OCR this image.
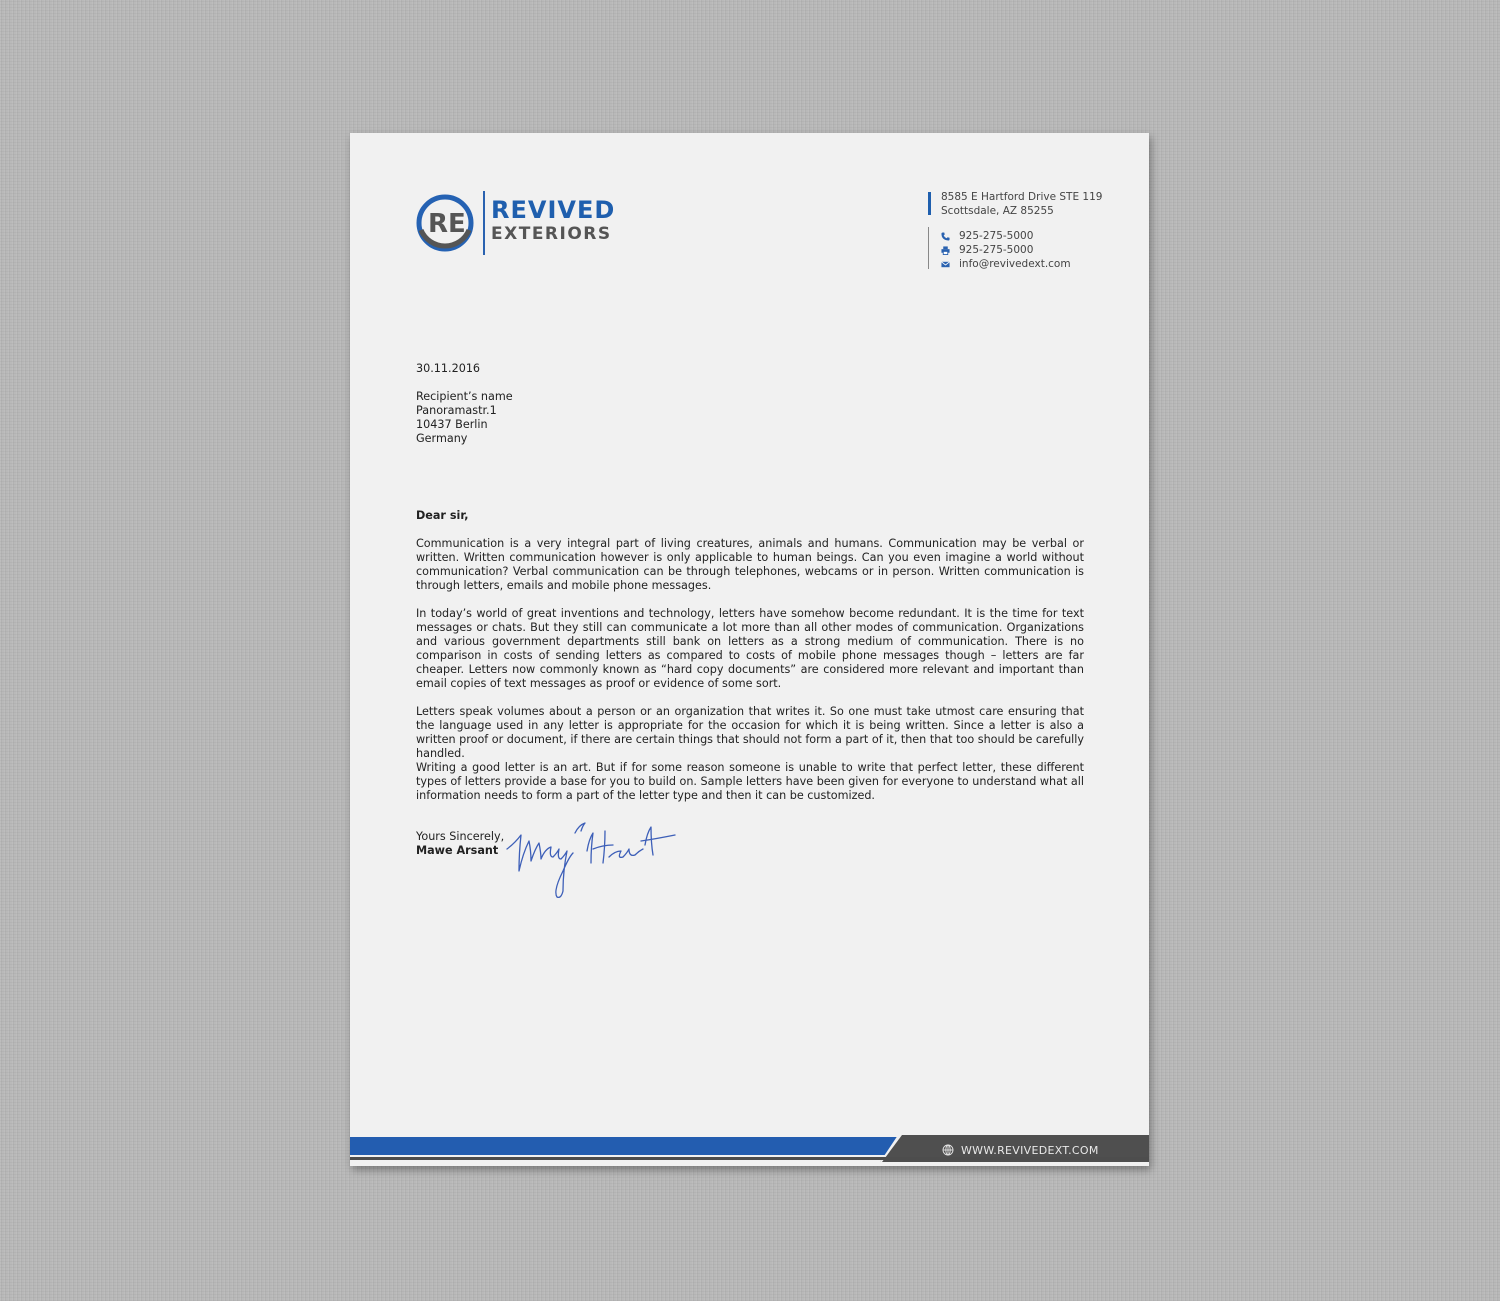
RE REVIVED
EXTERIORS
8585 E Hartford Drive STE 119
Scottsdale, AZ 85255
925-275-5000
925-275-5000
info@revivedext.com
30.11.2016
Recipient’s name
Panoramastr.1
10437 Berlin
Germany
Dear sir,

Communication is a very integral part of living creatures, animals and humans. Communication may be verbal or written. Written communication however is only applicable to human beings. Can you even imagine a world without communication? Verbal communication can be through telephones, webcams or in person. Written communication is through letters, emails and mobile phone messages.

In today’s world of great inventions and technology, letters have somehow become redundant. It is the time for text messages or chats. But they still can communicate a lot more than all other modes of communication. Organizations and various government departments still bank on letters as a strong medium of communication. There is no comparison in costs of sending letters as compared to costs of mobile phone messages though – letters are far cheaper. Letters now commonly known as “hard copy documents” are considered more relevant and important than email copies of text messages as proof or evidence of some sort.

Letters speak volumes about a person or an organization that writes it. So one must take utmost care ensuring that the language used in any letter is appropriate for the occasion for which it is being written. Since a letter is also a written proof or document, if there are certain things that should not form a part of it, then that too should be carefully handled.

Writing a good letter is an art. But if for some reason someone is unable to write that perfect letter, these different types of letters provide a base for you to build on. Sample letters have been given for everyone to understand what all information needs to form a part of the letter type and then it can be customized.

Yours Sincerely,
Mawe Arsant
WWW.REVIVEDEXT.COM
